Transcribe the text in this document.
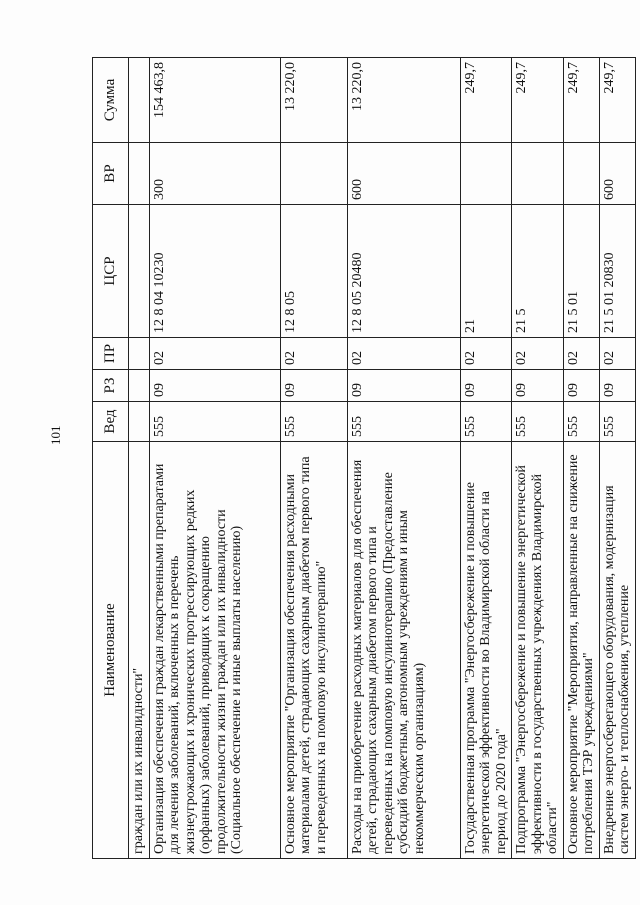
101
Наименование	Вед	РЗ	ПР	ЦСР	ВР	Сумма
граждан или их инвалидности"						
Организация обеспечения граждан лекарственными препаратами для лечения заболеваний, включенных в перечень жизнеугрожающих и хронических прогрессирующих редких (орфанных) заболеваний, приводящих к сокращению продолжительности жизни граждан или их инвалидности (Социальное обеспечение и иные выплаты населению)	555	09	02	12 8 04 10230	300	154 463,8
Основное мероприятие "Организация обеспечения расходными материалами детей, страдающих сахарным диабетом первого типа и переведенных на помповую инсулинотерапию"	555	09	02	12 8 05		13 220,0
Расходы на приобретение расходных материалов для обеспечения детей, страдающих сахарным диабетом первого типа и переведенных на помповую инсулинотерапию (Предоставление субсидий бюджетным, автономным учреждениям и иным некоммерческим организациям)	555	09	02	12 8 05 20480	600	13 220,0
Государственная программа "Энергосбережение и повышение энергетической эффективности во Владимирской области на период до 2020 года"	555	09	02	21		249,7
Подпрограмма "Энергосбережение и повышение энергетической эффективности в государственных учреждениях Владимирской области"	555	09	02	21 5		249,7
Основное мероприятие "Мероприятия, направленные на снижение потребления ТЭР учреждениями"	555	09	02	21 5 01		249,7
Внедрение энергосберегающего оборудования, модернизация систем энерго- и теплоснабжения, утепление	555	09	02	21 5 01 20830	600	249,7
